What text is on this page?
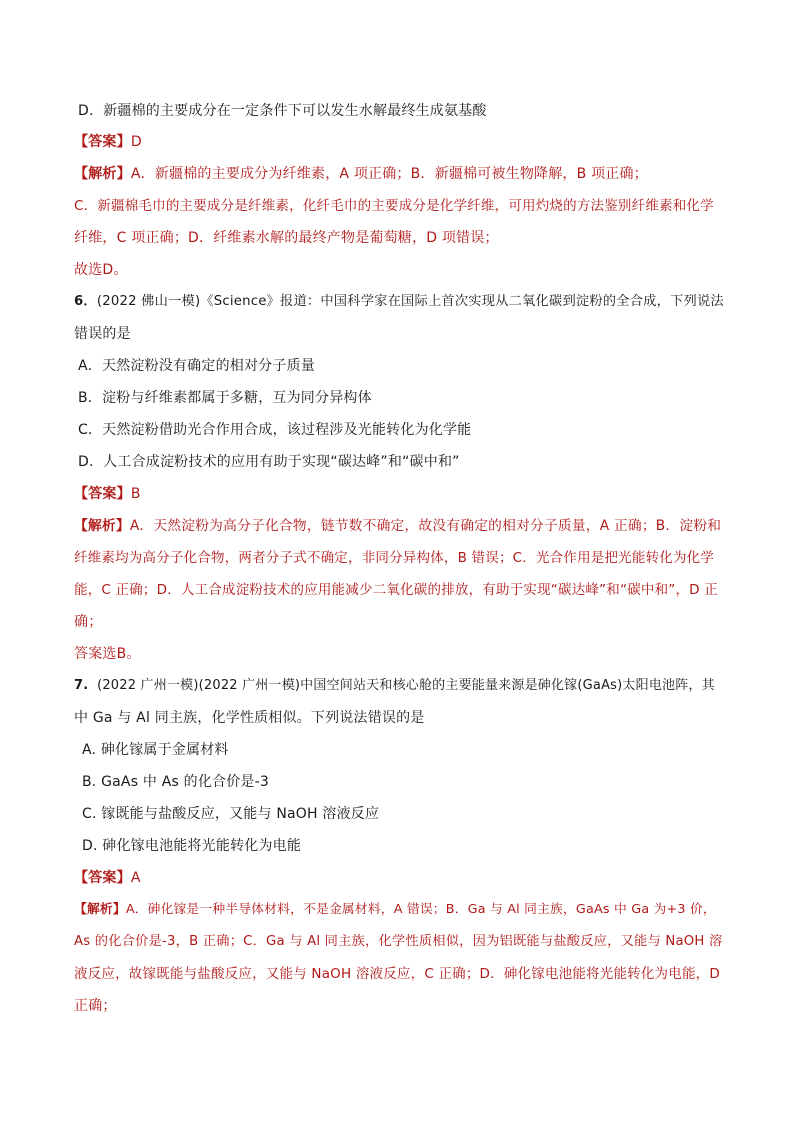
D．新疆棉的主要成分在一定条件下可以发生水解最终生成氨基酸
【答案】D
【解析】A．新疆棉的主要成分为纤维素，A 项正确；B．新疆棉可被生物降解，B 项正确；
C．新疆棉毛巾的主要成分是纤维素，化纤毛巾的主要成分是化学纤维，可用灼烧的方法鉴别纤维素和化学
纤维，C 项正确；D．纤维素水解的最终产物是葡萄糖，D 项错误；
故选D。
6．(2022 佛山一模)《Science》报道：中国科学家在国际上首次实现从二氧化碳到淀粉的全合成，下列说法
错误的是
A．天然淀粉没有确定的相对分子质量
B．淀粉与纤维素都属于多糖，互为同分异构体
C．天然淀粉借助光合作用合成，该过程涉及光能转化为化学能
D．人工合成淀粉技术的应用有助于实现“碳达峰”和“碳中和”
【答案】B
【解析】A．天然淀粉为高分子化合物，链节数不确定，故没有确定的相对分子质量，A 正确；B．淀粉和
纤维素均为高分子化合物，两者分子式不确定，非同分异构体，B 错误；C．光合作用是把光能转化为化学
能，C 正确；D．人工合成淀粉技术的应用能减少二氧化碳的排放，有助于实现“碳达峰”和“碳中和”，D 正
确；
答案选B。
7. (2022 广州一模)(2022 广州一模)中国空间站天和核心舱的主要能量来源是砷化镓(GaAs)太阳电池阵，其
中 Ga 与 Al 同主族，化学性质相似。下列说法错误的是
A. 砷化镓属于金属材料
B. GaAs 中 As 的化合价是-3
C. 镓既能与盐酸反应，又能与 NaOH 溶液反应
D. 砷化镓电池能将光能转化为电能
【答案】A
【解析】A．砷化镓是一种半导体材料，不是金属材料，A 错误；B．Ga 与 Al 同主族，GaAs 中 Ga 为+3 价，
As 的化合价是-3，B 正确；C．Ga 与 Al 同主族，化学性质相似，因为铝既能与盐酸反应，又能与 NaOH 溶
液反应，故镓既能与盐酸反应，又能与 NaOH 溶液反应，C 正确；D．砷化镓电池能将光能转化为电能，D
正确；
